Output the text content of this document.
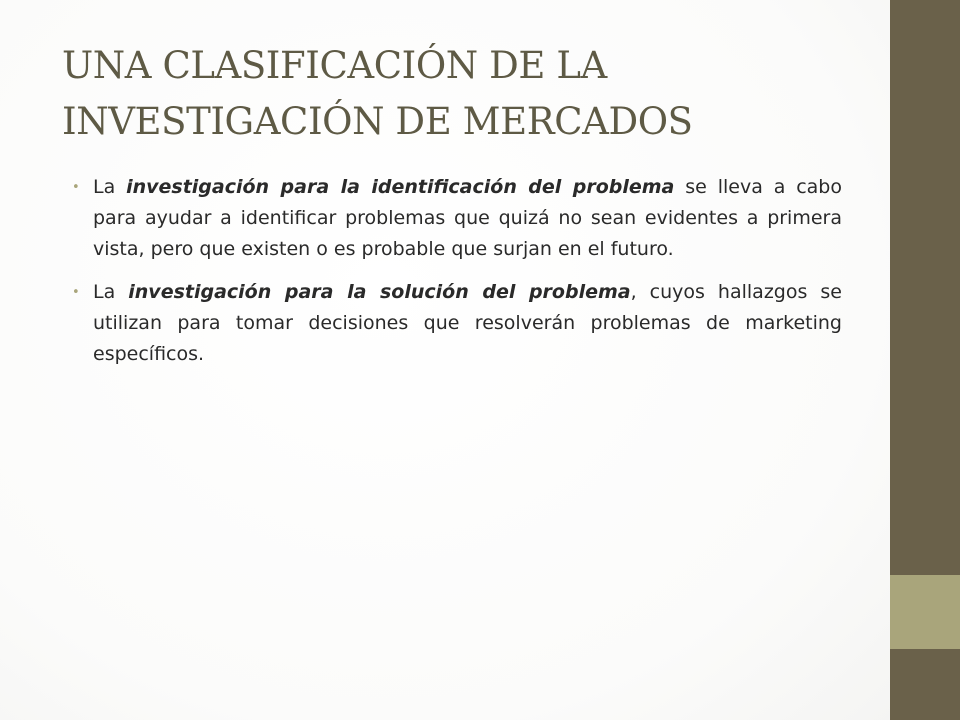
UNA CLASIFICACIÓN DE LA INVESTIGACIÓN DE MERCADOS
• La investigación para la identificación del problema se lleva a cabo para ayudar a identificar problemas que quizá no sean evidentes a primera vista, pero que existen o es probable que surjan en el futuro.
• La investigación para la solución del problema, cuyos hallazgos se utilizan para tomar decisiones que resolverán problemas de marketing específicos.
